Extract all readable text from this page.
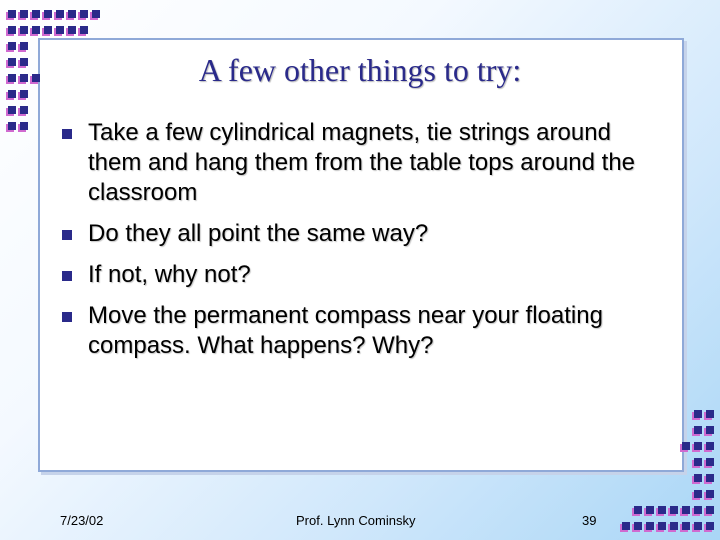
A few other things to try:
Take a few cylindrical magnets, tie strings around them and hang them from the table tops around the classroom
Do they all point the same way?
If not, why not?
Move the permanent compass near your floating compass. What happens? Why?
7/23/02	Prof. Lynn Cominsky	39
